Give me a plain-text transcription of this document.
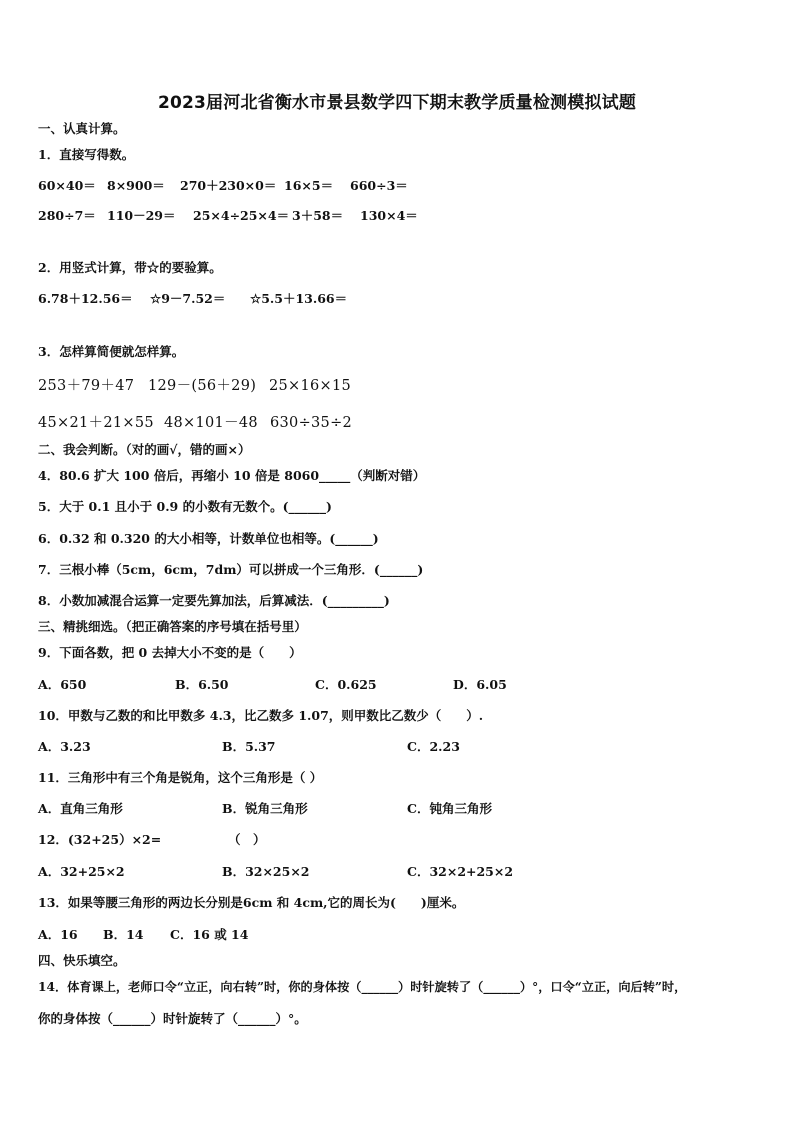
2023届河北省衡水市景县数学四下期末教学质量检测模拟试题
一、认真计算。
1．直接写得数。
60×40＝ 8×900＝ 270＋230×0＝ 16×5＝ 660÷3＝
280÷7＝ 110－29＝ 25×4÷25×4＝ 3＋58＝ 130×4＝
2．用竖式计算，带☆的要验算。
6.78＋12.56＝ ☆9－7.52＝ ☆5.5＋13.66＝
3．怎样算简便就怎样算。
253＋79＋47 129－(56＋29) 25×16×15
45×21＋21×55 48×101－48 630÷35÷2
二、我会判断。（对的画√，错的画×）
4．80.6 扩大 100 倍后，再缩小 10 倍是 8060_____（判断对错）
5．大于 0.1 且小于 0.9 的小数有无数个。(______)
6．0.32 和 0.320 的大小相等，计数单位也相等。(______)
7．三根小棒（5cm，6cm，7dm）可以拼成一个三角形．(______)
8．小数加减混合运算一定要先算加法，后算减法．(_________)
三、精挑细选。（把正确答案的序号填在括号里）
9．下面各数，把 0 去掉大小不变的是（　　）
A．650	B．6.50	C．0.625	D．6.05
10．甲数与乙数的和比甲数多 4.3，比乙数多 1.07，则甲数比乙数少（　　）.
A．3.23	B．5.37	C．2.23
11．三角形中有三个角是锐角，这个三角形是（ ）
A．直角三角形	B．锐角三角形	C．钝角三角形
12．(32+25）×2=	（　）
A．32+25×2	B．32×25×2	C．32×2+25×2
13．如果等腰三角形的两边长分别是6cm 和 4cm,它的周长为(　　)厘米。
A．16 B．14 C．16 或 14
四、快乐填空。
14．体育课上，老师口令“立正，向右转”时，你的身体按（______）时针旋转了（______）°，口令“立正，向后转”时，
你的身体按（______）时针旋转了（______）°。
